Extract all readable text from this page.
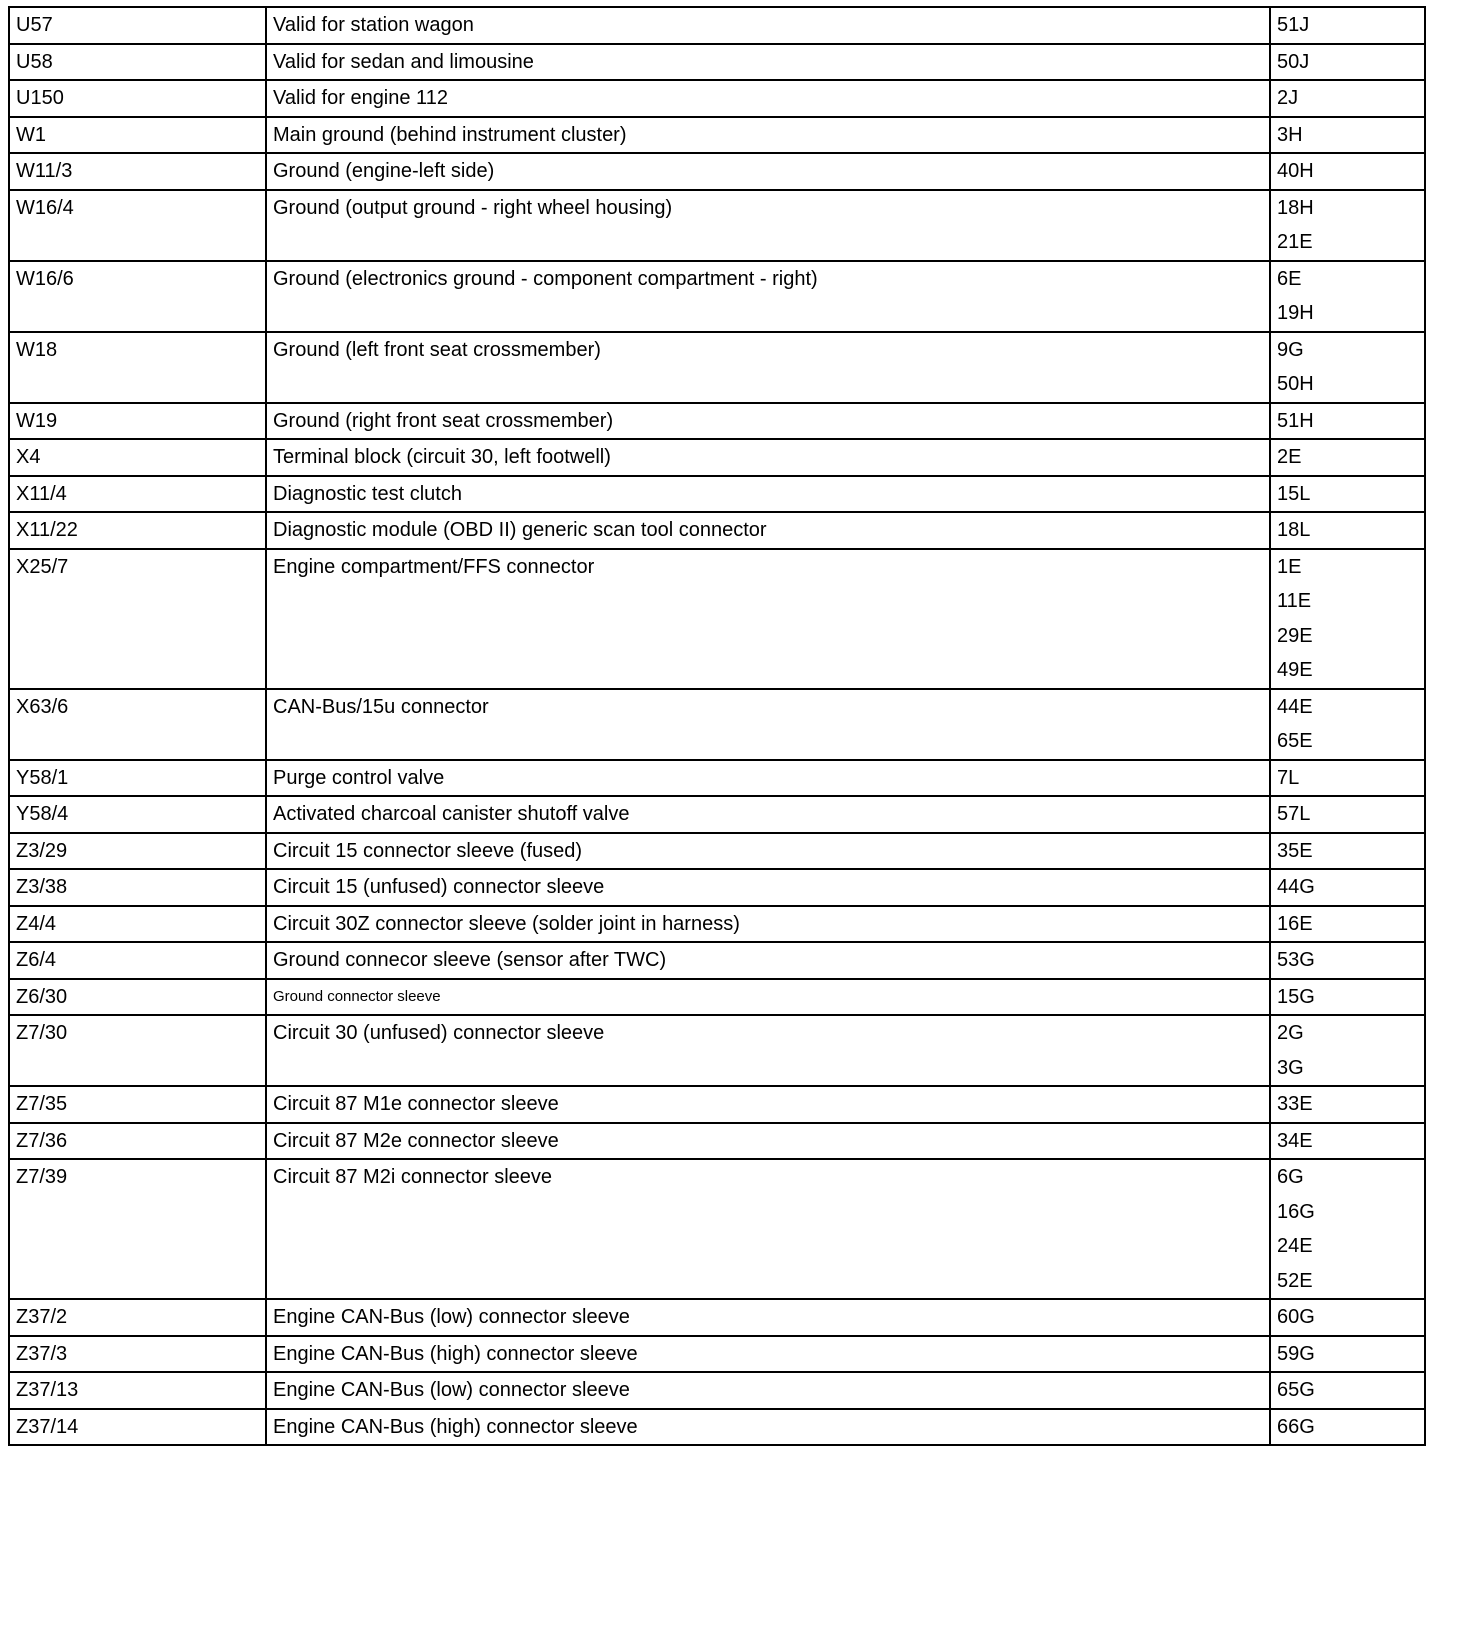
U57	Valid for station wagon	51J

U58	Valid for sedan and limousine	50J

U150	Valid for engine 112	2J

W1	Main ground (behind instrument cluster)	3H

W11/3	Ground (engine-left side)	40H

W16/4	Ground (output ground - right wheel housing)	18H
21E

W16/6	Ground (electronics ground - component compartment - right)	6E
19H

W18	Ground (left front seat crossmember)	9G
50H

W19	Ground (right front seat crossmember)	51H

X4	Terminal block (circuit 30, left footwell)	2E

X11/4	Diagnostic test clutch	15L

X11/22	Diagnostic module (OBD II) generic scan tool connector	18L

X25/7	Engine compartment/FFS connector	1E
11E
29E
49E

X63/6	CAN-Bus/15u connector	44E
65E

Y58/1	Purge control valve	7L

Y58/4	Activated charcoal canister shutoff valve	57L

Z3/29	Circuit 15 connector sleeve (fused)	35E

Z3/38	Circuit 15 (unfused) connector sleeve	44G

Z4/4	Circuit 30Z connector sleeve (solder joint in harness)	16E

Z6/4	Ground connecor sleeve (sensor after TWC)	53G

Z6/30	Ground connector sleeve	15G

Z7/30	Circuit 30 (unfused) connector sleeve	2G
3G

Z7/35	Circuit 87 M1e connector sleeve	33E

Z7/36	Circuit 87 M2e connector sleeve	34E

Z7/39	Circuit 87 M2i connector sleeve	6G
16G
24E
52E

Z37/2	Engine CAN-Bus (low) connector sleeve	60G

Z37/3	Engine CAN-Bus (high) connector sleeve	59G

Z37/13	Engine CAN-Bus (low) connector sleeve	65G

Z37/14	Engine CAN-Bus (high) connector sleeve	66G
